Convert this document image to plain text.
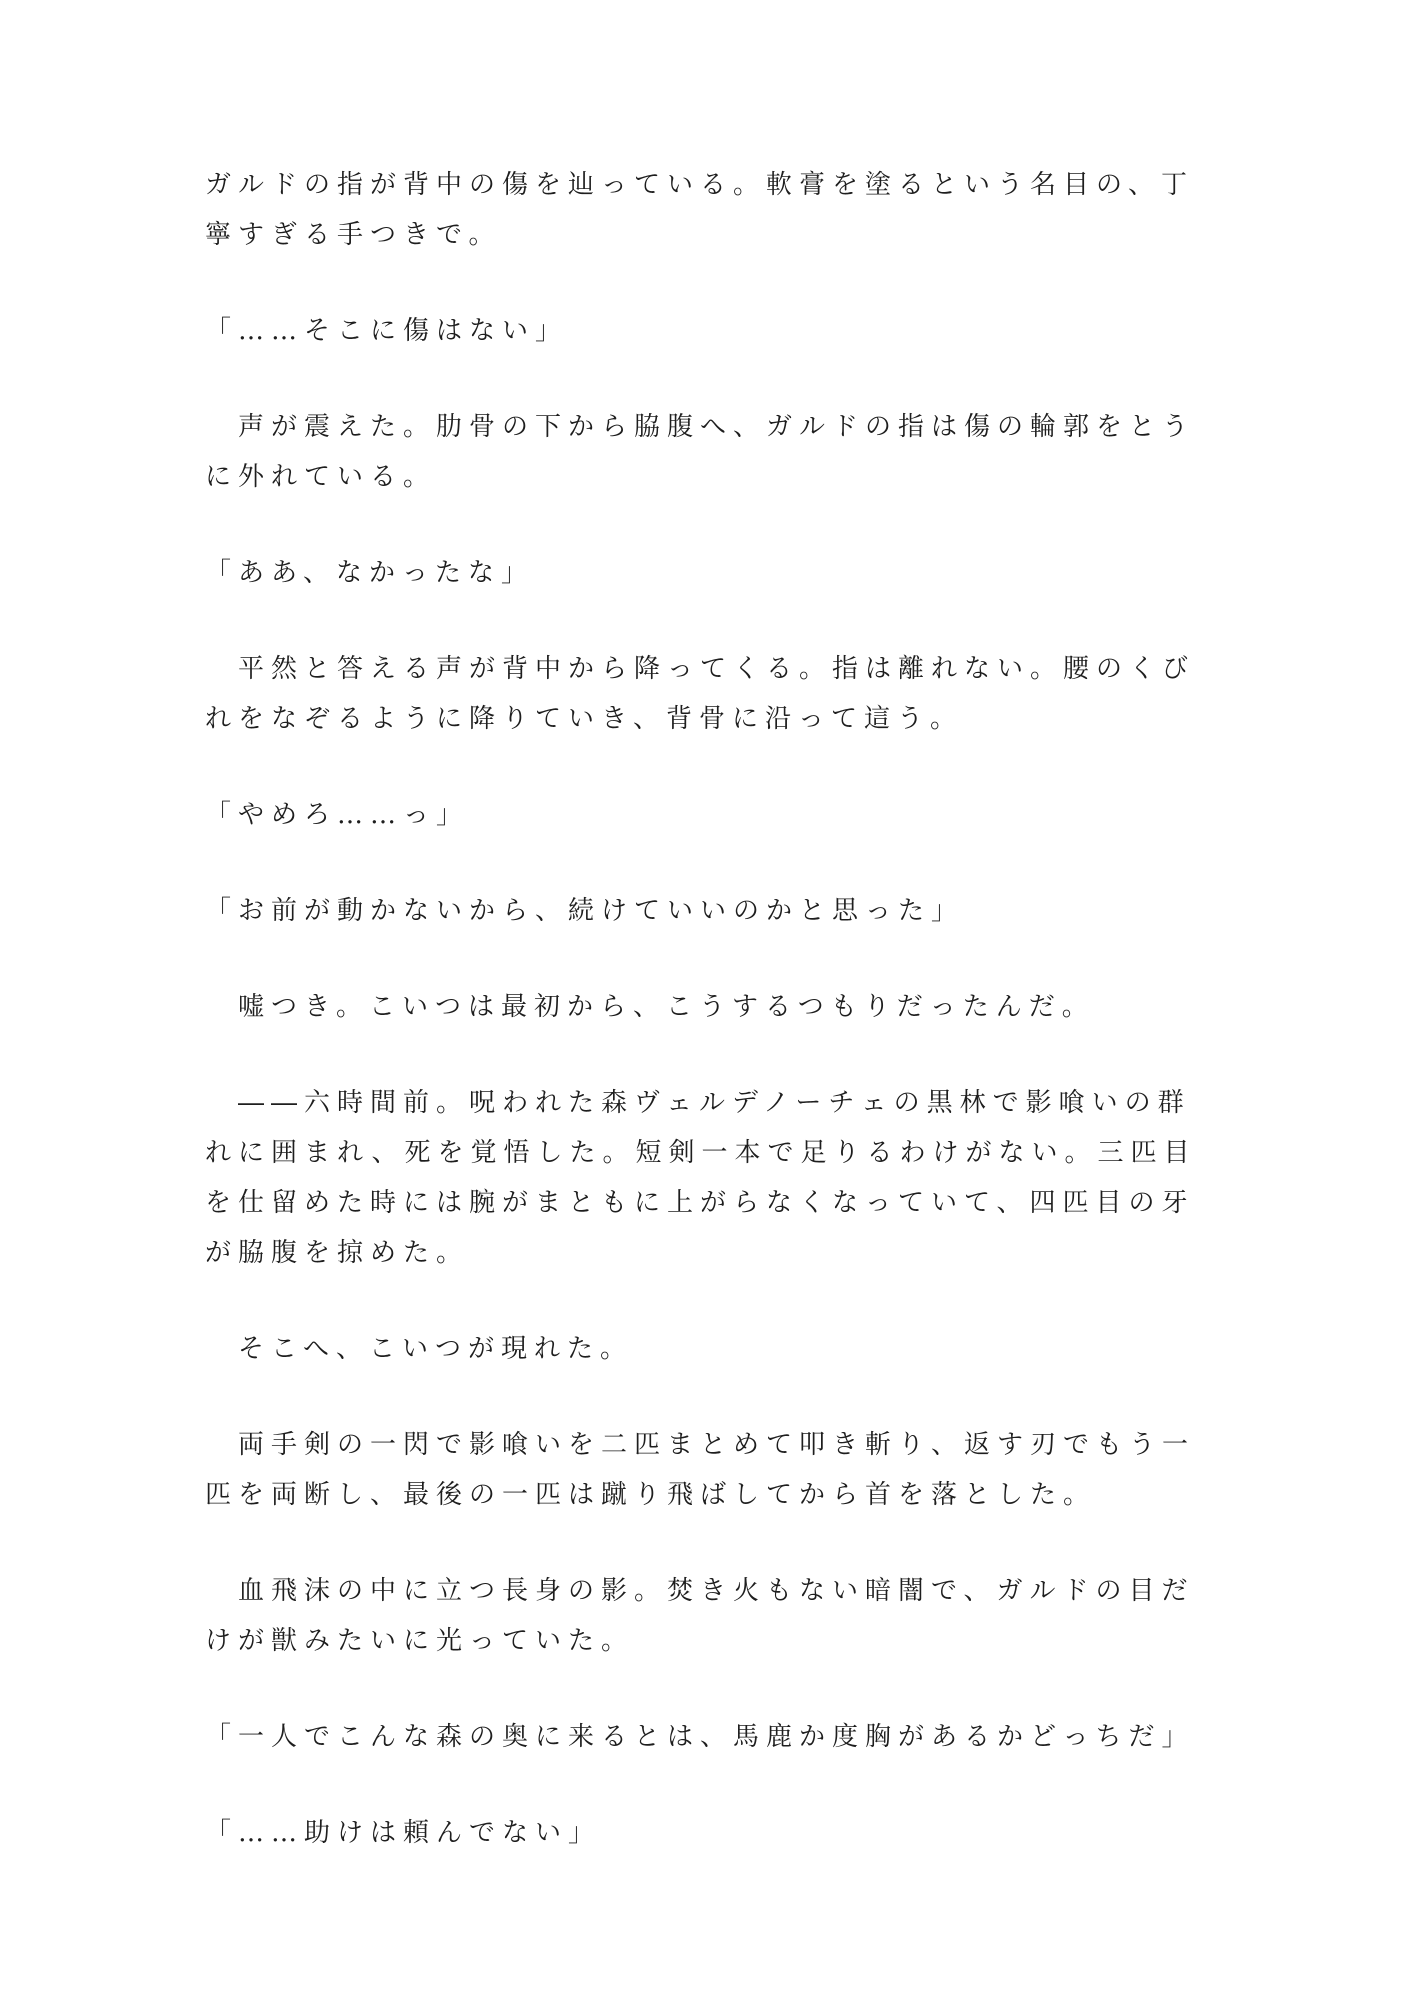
ガルドの指が背中の傷を辿っている。軟膏を塗るという名目の、丁
寧すぎる手つきで。

「……そこに傷はない」

　声が震えた。肋骨の下から脇腹へ、ガルドの指は傷の輪郭をとう
に外れている。

「ああ、なかったな」

　平然と答える声が背中から降ってくる。指は離れない。腰のくび
れをなぞるように降りていき、背骨に沿って這う。

「やめろ……っ」

「お前が動かないから、続けていいのかと思った」

　嘘つき。こいつは最初から、こうするつもりだったんだ。

　――六時間前。呪われた森ヴェルデノーチェの黒林で影喰いの群
れに囲まれ、死を覚悟した。短剣一本で足りるわけがない。三匹目
を仕留めた時には腕がまともに上がらなくなっていて、四匹目の牙
が脇腹を掠めた。

　そこへ、こいつが現れた。

　両手剣の一閃で影喰いを二匹まとめて叩き斬り、返す刃でもう一
匹を両断し、最後の一匹は蹴り飛ばしてから首を落とした。

　血飛沫の中に立つ長身の影。焚き火もない暗闇で、ガルドの目だ
けが獣みたいに光っていた。

「一人でこんな森の奥に来るとは、馬鹿か度胸があるかどっちだ」

「……助けは頼んでない」
